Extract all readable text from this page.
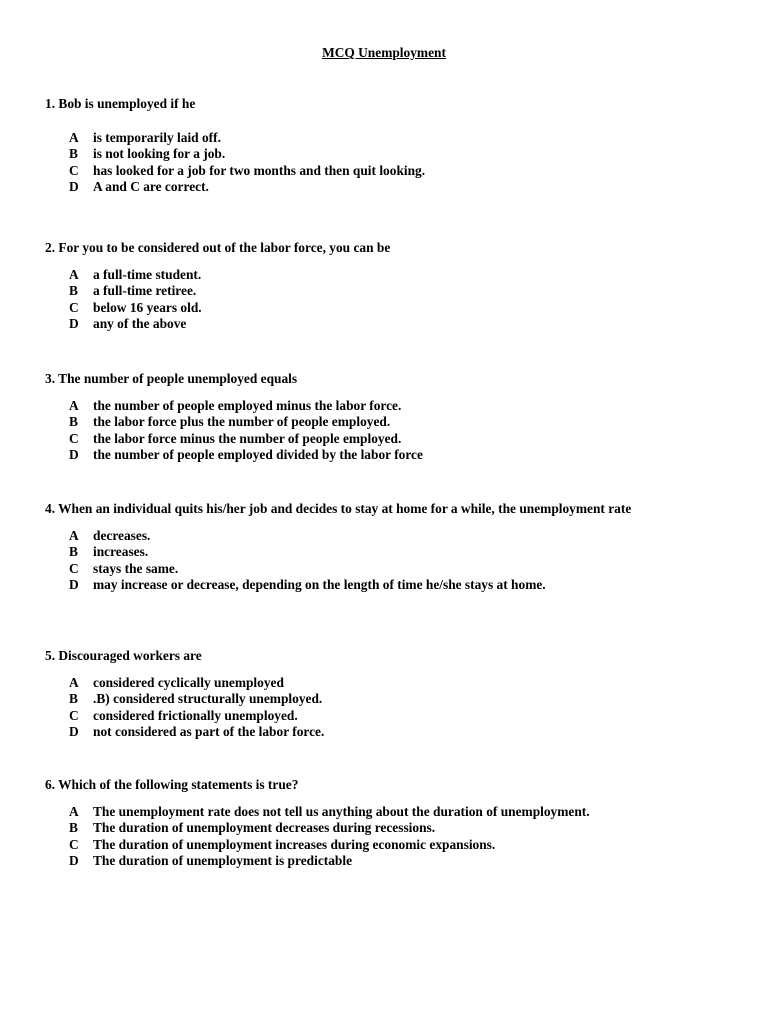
MCQ Unemployment
1. Bob is unemployed if he
A is temporarily laid off.
B is not looking for a job.
C has looked for a job for two months and then quit looking.
D A and C are correct.
2. For you to be considered out of the labor force, you can be
A a full-time student.
B a full-time retiree.
C below 16 years old.
D any of the above
3. The number of people unemployed equals
A the number of people employed minus the labor force.
B the labor force plus the number of people employed.
C the labor force minus the number of people employed.
D the number of people employed divided by the labor force
4. When an individual quits his/her job and decides to stay at home for a while, the unemployment rate
A decreases.
B increases.
C stays the same.
D may increase or decrease, depending on the length of time he/she stays at home.
5. Discouraged workers are
A considered cyclically unemployed
B .B) considered structurally unemployed.
C considered frictionally unemployed.
D not considered as part of the labor force.
6. Which of the following statements is true?
A The unemployment rate does not tell us anything about the duration of unemployment.
B The duration of unemployment decreases during recessions.
C The duration of unemployment increases during economic expansions.
D The duration of unemployment is predictable
